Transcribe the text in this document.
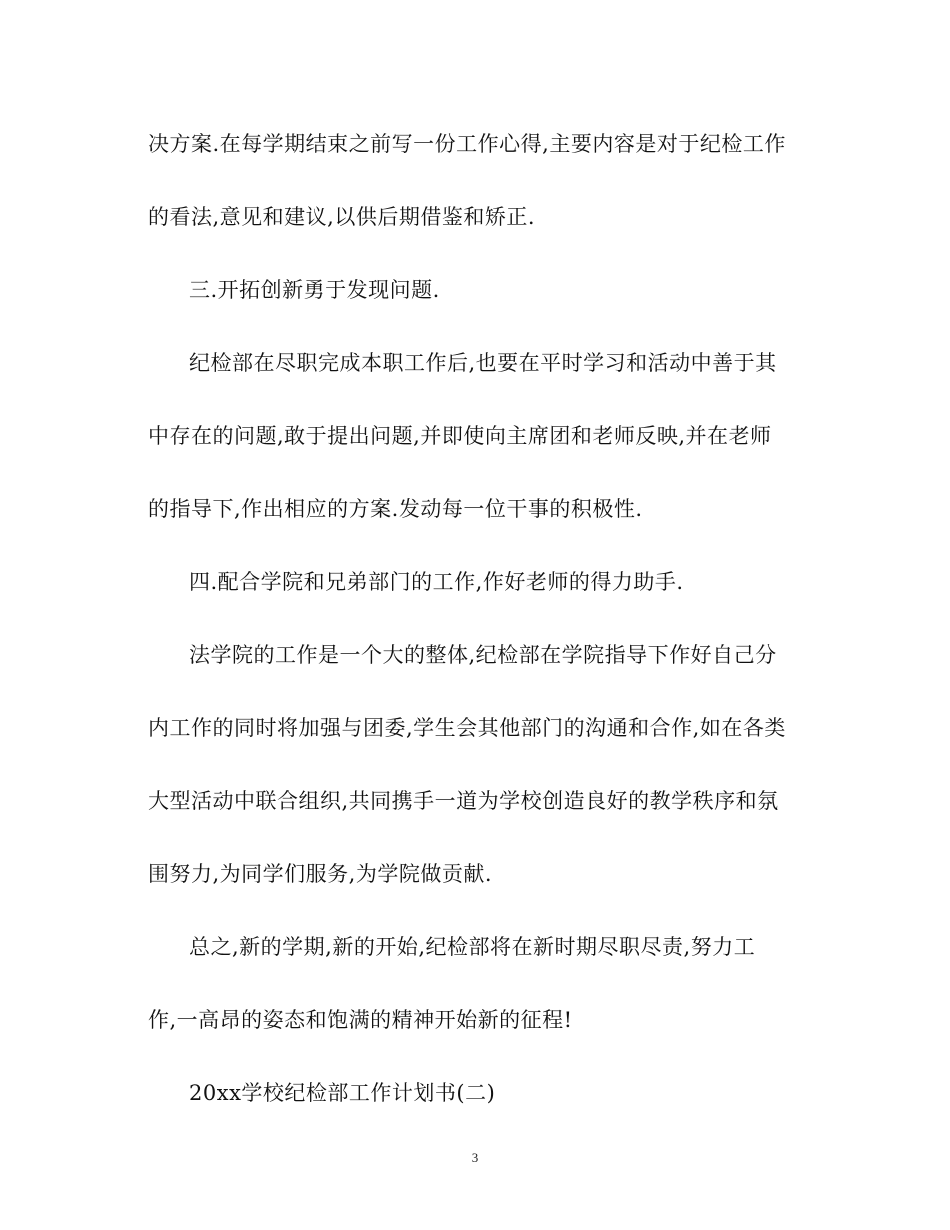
决方案.在每学期结束之前写一份工作心得,主要内容是对于纪检工作
的看法,意见和建议,以供后期借鉴和矫正.
三.开拓创新勇于发现问题.
纪检部在尽职完成本职工作后,也要在平时学习和活动中善于其
中存在的问题,敢于提出问题,并即使向主席团和老师反映,并在老师
的指导下,作出相应的方案.发动每一位干事的积极性.
四.配合学院和兄弟部门的工作,作好老师的得力助手.
法学院的工作是一个大的整体,纪检部在学院指导下作好自己分
内工作的同时将加强与团委,学生会其他部门的沟通和合作,如在各类
大型活动中联合组织,共同携手一道为学校创造良好的教学秩序和氛
围努力,为同学们服务,为学院做贡献.
总之,新的学期,新的开始,纪检部将在新时期尽职尽责,努力工
作,一高昂的姿态和饱满的精神开始新的征程!
20xx学校纪检部工作计划书(二)
3
